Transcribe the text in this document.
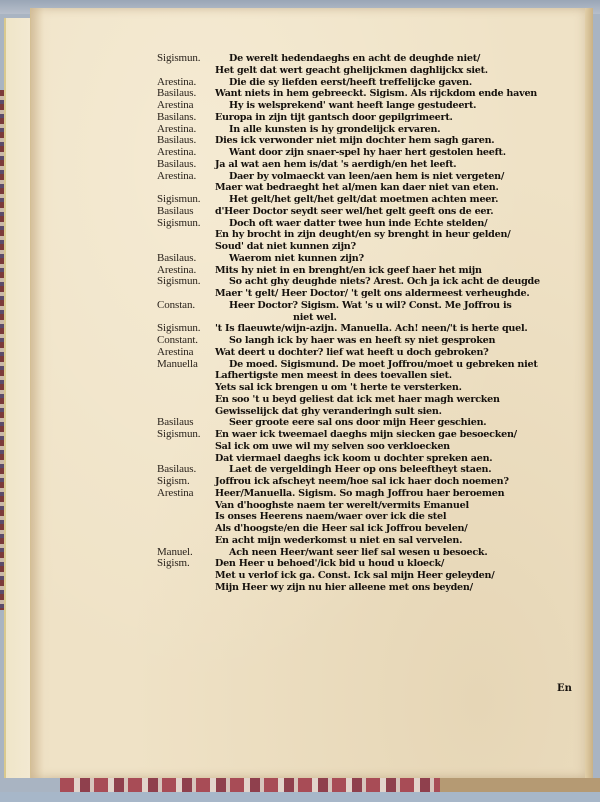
Sigismun.	De werelt hedendaeghs en acht de deughde niet/
Het gelt dat wert geacht ghelijckmen daghlijckx siet.
Arestina.	Die die sy liefden eerst/heeft treffelijcke gaven.
Basilaus.	Want niets in hem gebreeckt. Sigism. Als rijckdom ende haven
Arestina	Hy is welsprekend' want heeft lange gestudeert.
Basilans.	Europa in zijn tijt gantsch door gepilgrimeert.
Arestina.	In alle kunsten is hy grondelijck ervaren.
Basilaus.	Dies ick verwonder niet mijn dochter hem sagh garen.
Arestina.	Want door zijn snaer-spel hy haer hert gestolen heeft.
Basilaus.	Ja al wat aen hem is/dat 's aerdigh/en het leeft.
Arestina.	Daer by volmaeckt van leen/aen hem is niet vergeten/
Maer wat bedraeght het al/men kan daer niet van eten.
Sigismun.	Het gelt/het gelt/het gelt/dat moetmen achten meer.
Basilaus	d'Heer Doctor seydt seer wel/het gelt geeft ons de eer.
Sigismun.	Doch oft waer datter twee hun inde Echte stelden/
En hy brocht in zijn deught/en sy brenght in heur gelden/
Soud' dat niet kunnen zijn?
Basilaus.	Waerom niet kunnen zijn?
Arestina.	Mits hy niet in en brenght/en ick geef haer het mijn
Sigismun.	So acht ghy deughde niets? Arest. Och ja ick acht de deugde
Maer 't gelt/ Heer Doctor/ 't gelt ons aldermeest verheughde.
Constan.	Heer Doctor? Sigism. Wat 's u wil? Const. Me Joffrou is
niet wel.
Sigismun.	't Is flaeuwte/wijn-azijn. Manuella. Ach! neen/'t is herte quel.
Constant.	So langh ick by haer was en heeft sy niet gesproken
Arestina	Wat deert u dochter? lief wat heeft u doch gebroken?
Manuella	De moed. Sigismund. De moet Joffrou/moet u gebreken niet
Lafhertigste men meest in dees toevallen siet.
Yets sal ick brengen u om 't herte te versterken.
En soo 't u beyd geliest dat ick met haer magh wercken
Gewisselijck dat ghy veranderingh sult sien.
Basilaus	Seer groote eere sal ons door mijn Heer geschien.
Sigismun.	En waer ick tweemael daeghs mijn siecken gae besoecken/
Sal ick om uwe wil my selven soo verkloecken
Dat viermael daeghs ick koom u dochter spreken aen.
Basilaus.	Laet de vergeldingh Heer op ons beleeftheyt staen.
Sigism.	Joffrou ick afscheyt neem/hoe sal ick haer doch noemen?
Arestina	Heer/Manuella. Sigism. So magh Joffrou haer beroemen
Van d'hooghste naem ter werelt/vermits Emanuel
Is onses Heerens naem/waer over ick die stel
Als d'hoogste/en die Heer sal ick Joffrou bevelen/
En acht mijn wederkomst u niet en sal vervelen.
Manuel.	Ach neen Heer/want seer lief sal wesen u besoeck.
Sigism.	Den Heer u behoed'/ick bid u houd u kloeck/
Met u verlof ick ga. Const. Ick sal mijn Heer geleyden/
Mijn Heer wy zijn nu hier alleene met ons beyden/
En
